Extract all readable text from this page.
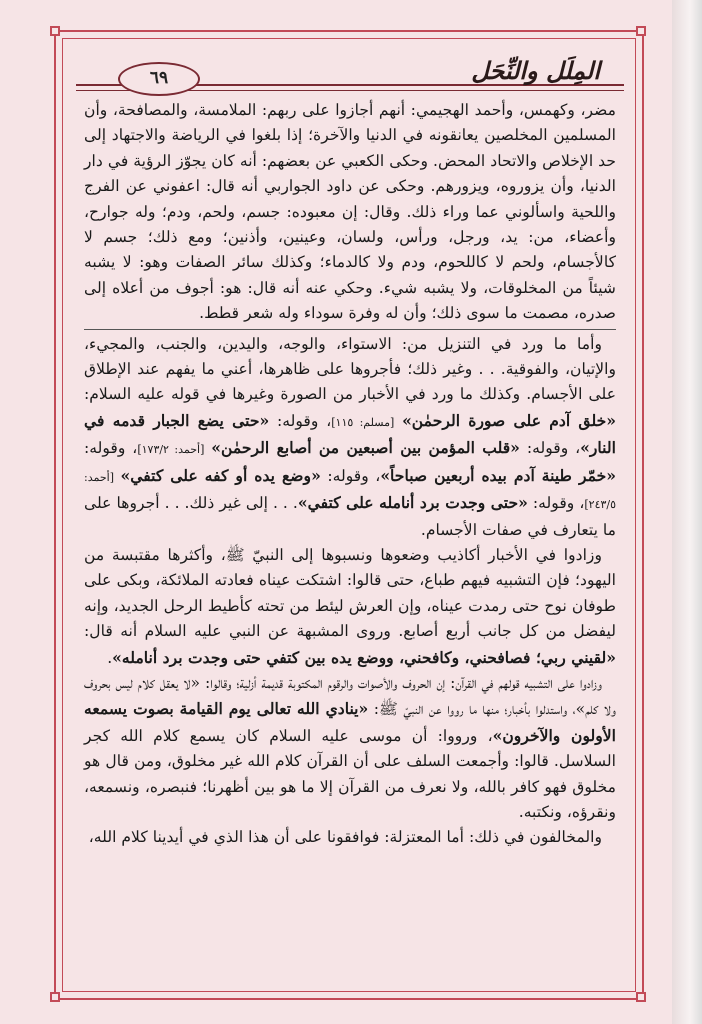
٦٩	المِلَل والنِّحَل

مضر، وكهمس، وأحمد الهجيمي: أنهم أجازوا على ربهم: الملامسة، والمصافحة، وأن المسلمين المخلصين يعانقونه في الدنيا والآخرة؛ إذا بلغوا في الرياضة والاجتهاد إلى حد الإخلاص والاتحاد المحض. وحكى الكعبي عن بعضهم: أنه كان يجوّز الرؤية في دار الدنيا، وأن يزوروه، ويزورهم. وحكى عن داود الجواربي أنه قال: اعفوني عن الفرج واللحية واسألوني عما وراء ذلك. وقال: إن معبوده: جسم، ولحم، ودم؛ وله جوارح، وأعضاء، من: يد، ورجل، ورأس، ولسان، وعينين، وأذنين؛ ومع ذلك؛ جسم لا كالأجسام، ولحم لا كاللحوم، ودم ولا كالدماء؛ وكذلك سائر الصفات وهو: لا يشبه شيئاً من المخلوقات، ولا يشبه شيء. وحكي عنه أنه قال: هو: أجوف من أعلاه إلى صدره، مصمت ما سوى ذلك؛ وأن له وفرة سوداء وله شعر قطط.

وأما ما ورد في التنزيل من: الاستواء، والوجه، واليدين، والجنب، والمجيء، والإتيان، والفوقية. . . وغير ذلك؛ فأجروها على ظاهرها، أعني ما يفهم عند الإطلاق على الأجسام. وكذلك ما ورد في الأخبار من الصورة وغيرها في قوله عليه السلام: «خلق آدم على صورة الرحمٰن» [مسلم: ١١٥]، وقوله: «حتى يضع الجبار قدمه في النار»، وقوله: «قلب المؤمن بين أصبعين من أصابع الرحمٰن» [أحمد: ١٧٣/٢]، وقوله: «خمّر طينة آدم بيده أربعين صباحاً»، وقوله: «وضع يده أو كفه على كتفي» [أحمد: ٢٤٣/٥]، وقوله: «حتى وجدت برد أنامله على كتفي». . . إلى غير ذلك. . . أجروها على ما يتعارف في صفات الأجسام.

وزادوا في الأخبار أكاذيب وضعوها ونسبوها إلى النبيّ ﷺ، وأكثرها مقتبسة من اليهود؛ فإن التشبيه فيهم طباع، حتى قالوا: اشتكت عيناه فعادته الملائكة، وبكى على طوفان نوح حتى رمدت عيناه، وإن العرش ليئط من تحته كأطيط الرحل الجديد، وإنه ليفضل من كل جانب أربع أصابع. وروى المشبهة عن النبي عليه السلام أنه قال: «لقيني ربي؛ فصافحني، وكافحني، ووضع يده بين كتفي حتى وجدت برد أنامله».

وزادوا على التشبيه قولهم في القرآن: إن الحروف والأصوات والرقوم المكتوبة قديمة أزلية؛ وقالوا: «لا يعقل كلام ليس بحروف ولا كلم»، واستدلوا بأخبار؛ منها ما رووا عن النبيّ ﷺ: «ينادي الله تعالى يوم القيامة بصوت يسمعه الأولون والآخرون»، ورووا: أن موسى عليه السلام كان يسمع كلام الله كجر السلاسل. قالوا: وأجمعت السلف على أن القرآن كلام الله غير مخلوق، ومن قال هو مخلوق فهو كافر بالله، ولا نعرف من القرآن إلا ما هو بين أظهرنا؛ فنبصره، ونسمعه، ونقرؤه، ونكتبه.

والمخالفون في ذلك: أما المعتزلة: فوافقونا على أن هذا الذي في أيدينا كلام الله،
